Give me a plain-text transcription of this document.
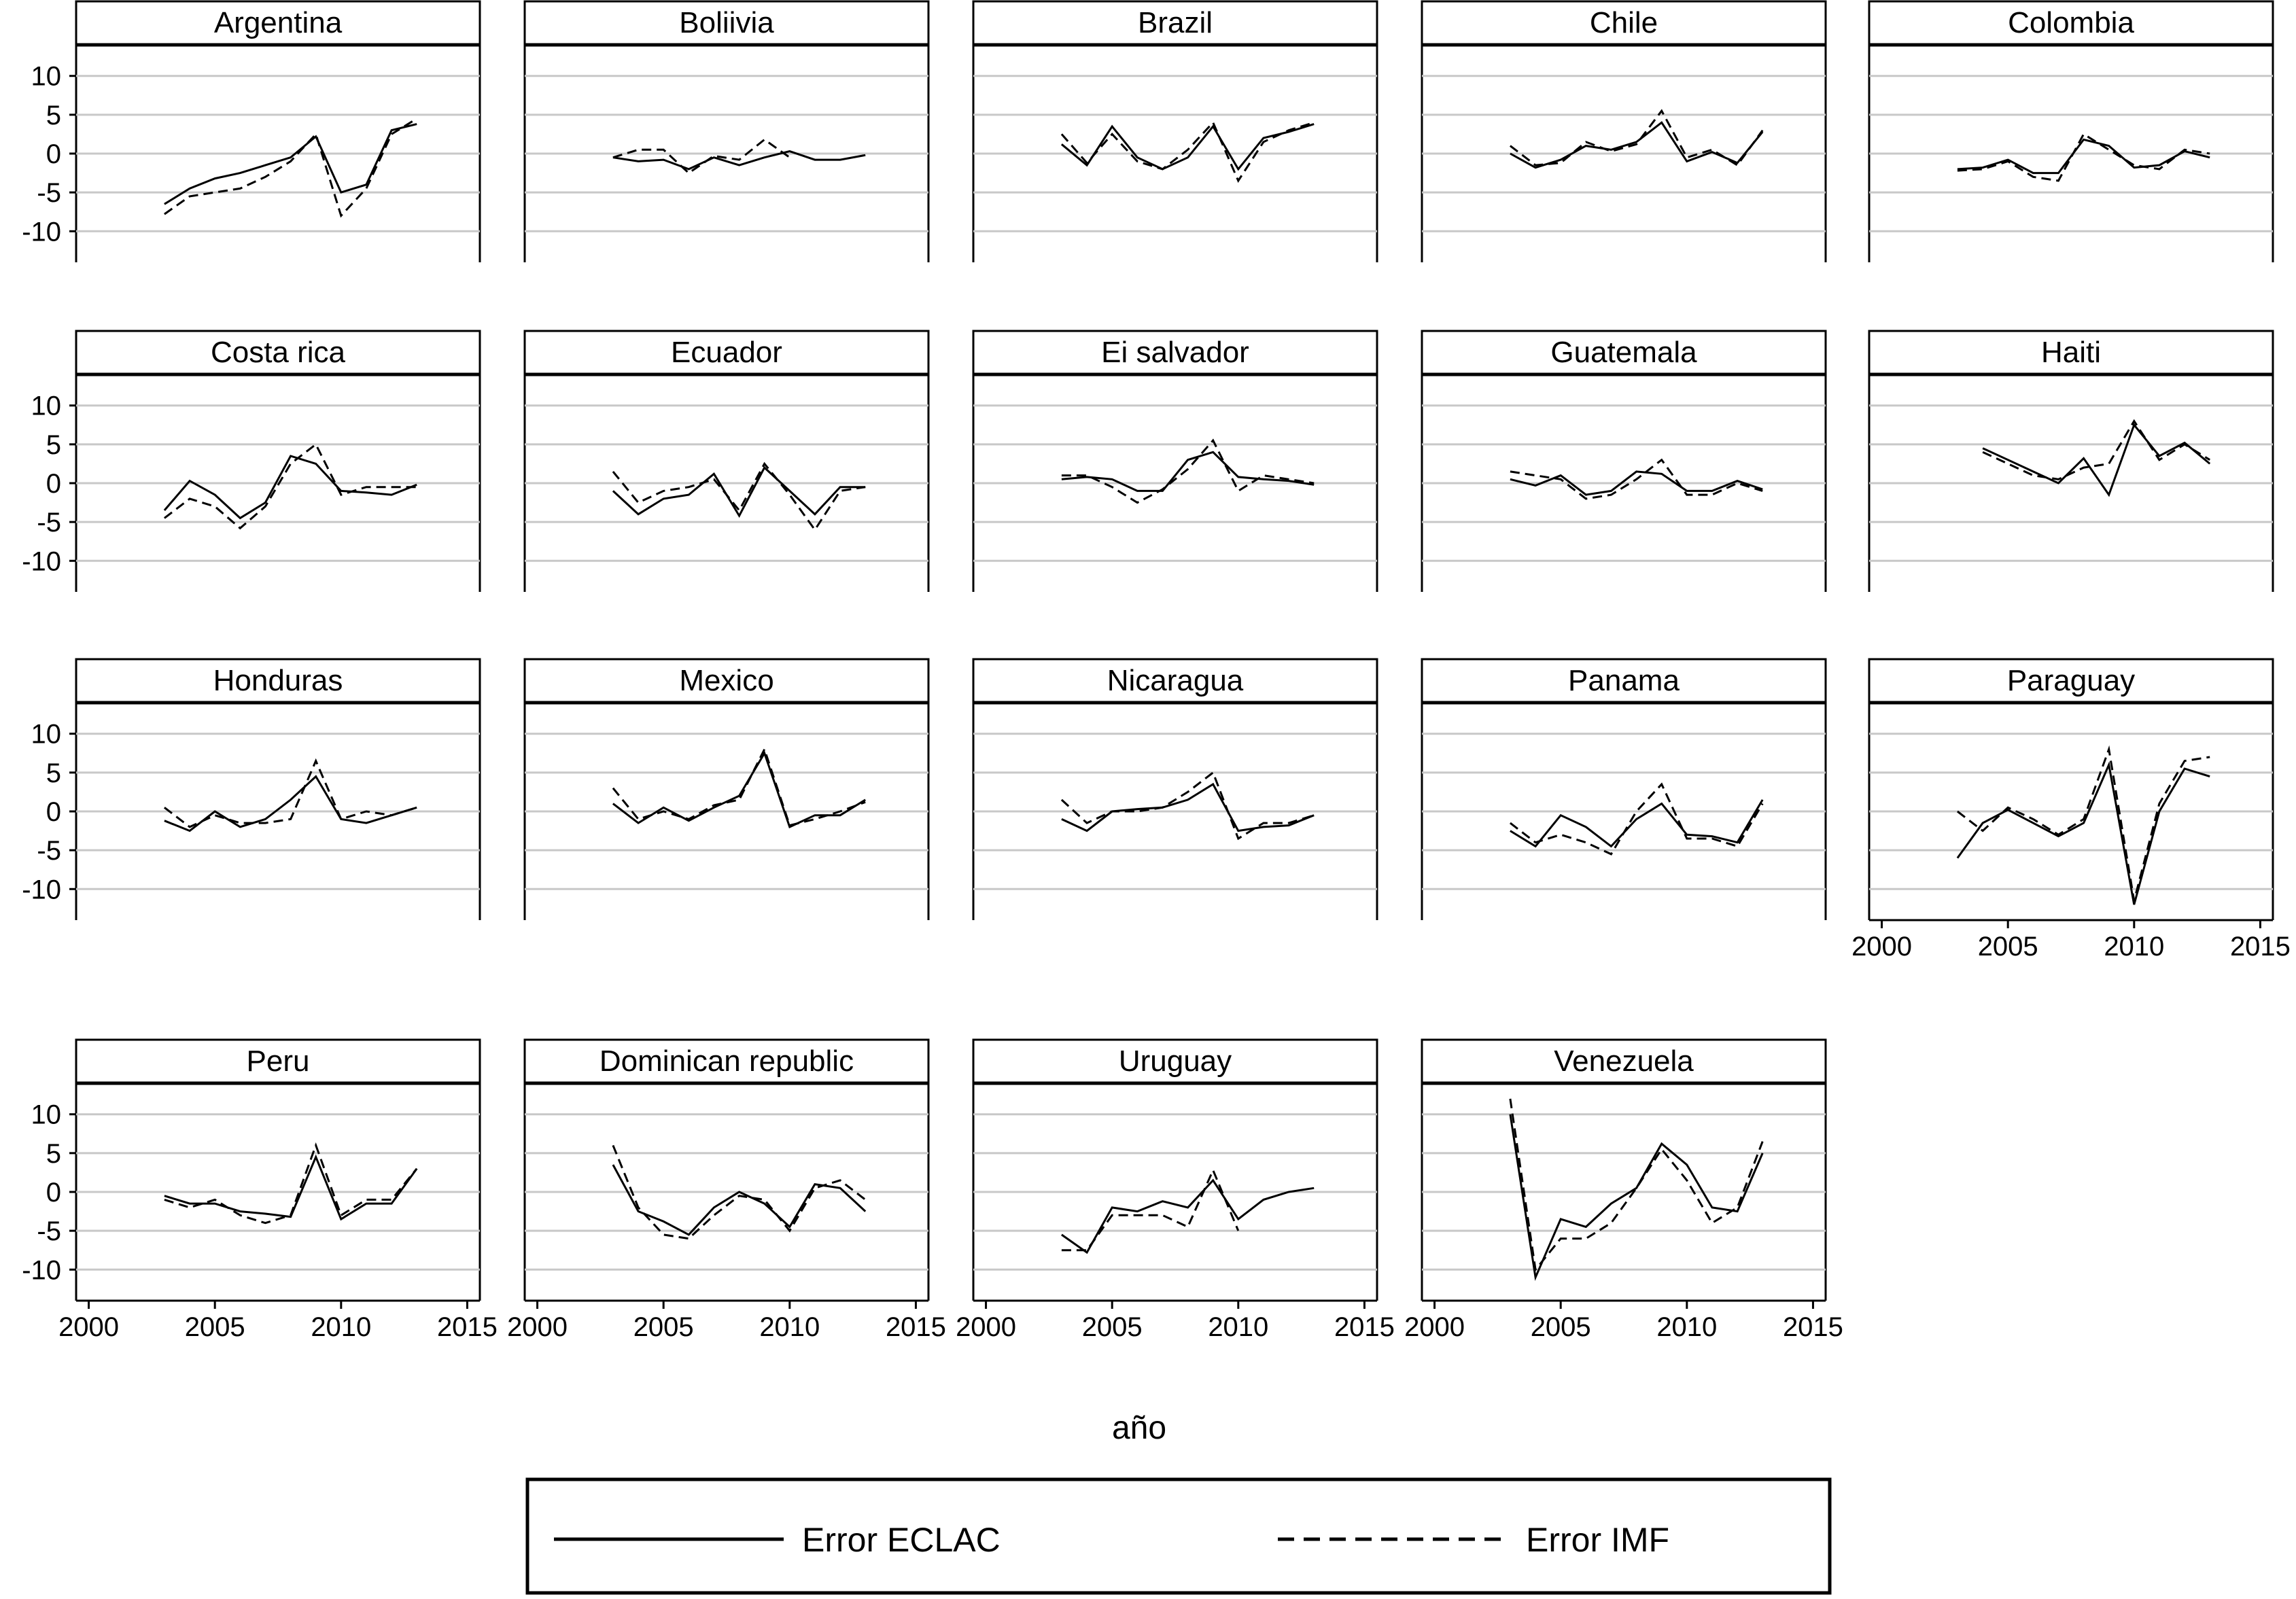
Argentina
10
5
0
-5
-10
Boliivia	Brazil	Chile	Colombia
Costa rica
10
5
0
-5
-10
Ecuador	Ei salvador	Guatemala	Haiti
Honduras
10
5
0
-5
-10
Mexico	Nicaragua	Panama	Paraguay
2000 2005 2010 2015
Peru
10
5
0
-5
-10
2000 2005 2010 2015
Dominican republic
2000 2005 2010 2015
Uruguay
2000 2005 2010 2015
Venezuela
2000 2005 2010 2015
año
Error ECLAC	Error IMF
